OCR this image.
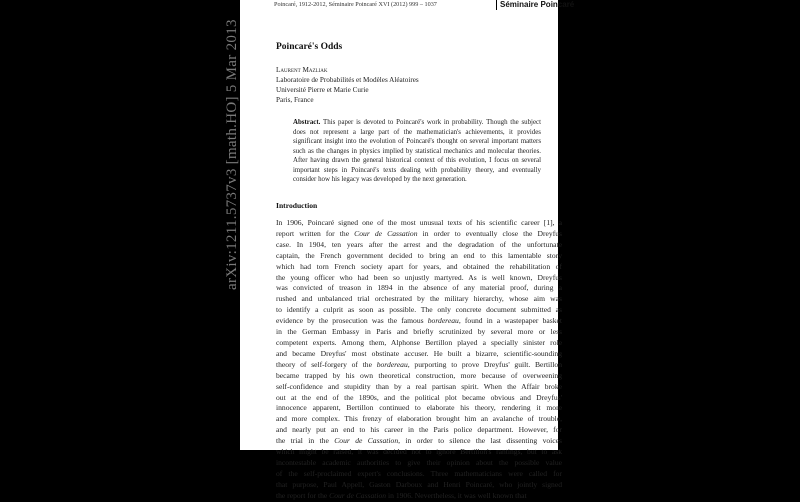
Poincaré, 1912-2012, Séminaire Poincaré XVI (2012) 999 – 1037	Séminaire Poincaré
Poincaré's Odds
Laurent Mazliak
Laboratoire de Probabilités et Modèles Aléatoires
Université Pierre et Marie Curie
Paris, France
Abstract. This paper is devoted to Poincaré's work in probability. Though the subject does not represent a large part of the mathematician's achievements, it provides significant insight into the evolution of Poincaré's thought on several important matters such as the changes in physics implied by statistical mechanics and molecular theories. After having drawn the general historical context of this evolution, I focus on several important steps in Poincaré's texts dealing with probability theory, and eventually consider how his legacy was developed by the next generation.
Introduction
In 1906, Poincaré signed one of the most unusual texts of his scientific career [1], a
report written for the Cour de Cassation in order to eventually close the Dreyfus
case. In 1904, ten years after the arrest and the degradation of the unfortunate
captain, the French government decided to bring an end to this lamentable story
which had torn French society apart for years, and obtained the rehabilitation of
the young officer who had been so unjustly martyred. As is well known, Dreyfus
was convicted of treason in 1894 in the absence of any material proof, during a
rushed and unbalanced trial orchestrated by the military hierarchy, whose aim was
to identify a culprit as soon as possible. The only concrete document submitted as
evidence by the prosecution was the famous bordereau, found in a wastepaper basket
in the German Embassy in Paris and briefly scrutinized by several more or less
competent experts. Among them, Alphonse Bertillon played a specially sinister role
and became Dreyfus' most obstinate accuser. He built a bizarre, scientific-sounding
theory of self-forgery of the bordereau, purporting to prove Dreyfus' guilt. Bertillon
became trapped by his own theoretical construction, more because of overweening
self-confidence and stupidity than by a real partisan spirit. When the Affair broke
out at the end of the 1890s, and the political plot became obvious and Dreyfus'
innocence apparent, Bertillon continued to elaborate his theory, rendering it more
and more complex. This frenzy of elaboration brought him an avalanche of trouble,
and nearly put an end to his career in the Paris police department. However, for
the trial in the Cour de Cassation, in order to silence the last dissenting voices
which might be raised, it was decided not to ignore Bertillon's rantings, but to ask
incontestable academic authorities to give their opinion about the possible value
of the self-proclaimed expert's conclusions. Three mathematicians were called for
that purpose, Paul Appell, Gaston Darboux and Henri Poincaré, who jointly signed
the report for the Cour de Cassation in 1906. Nevertheless, it was well known that
arXiv:1211.5737v3 [math.HO] 5 Mar 2013
